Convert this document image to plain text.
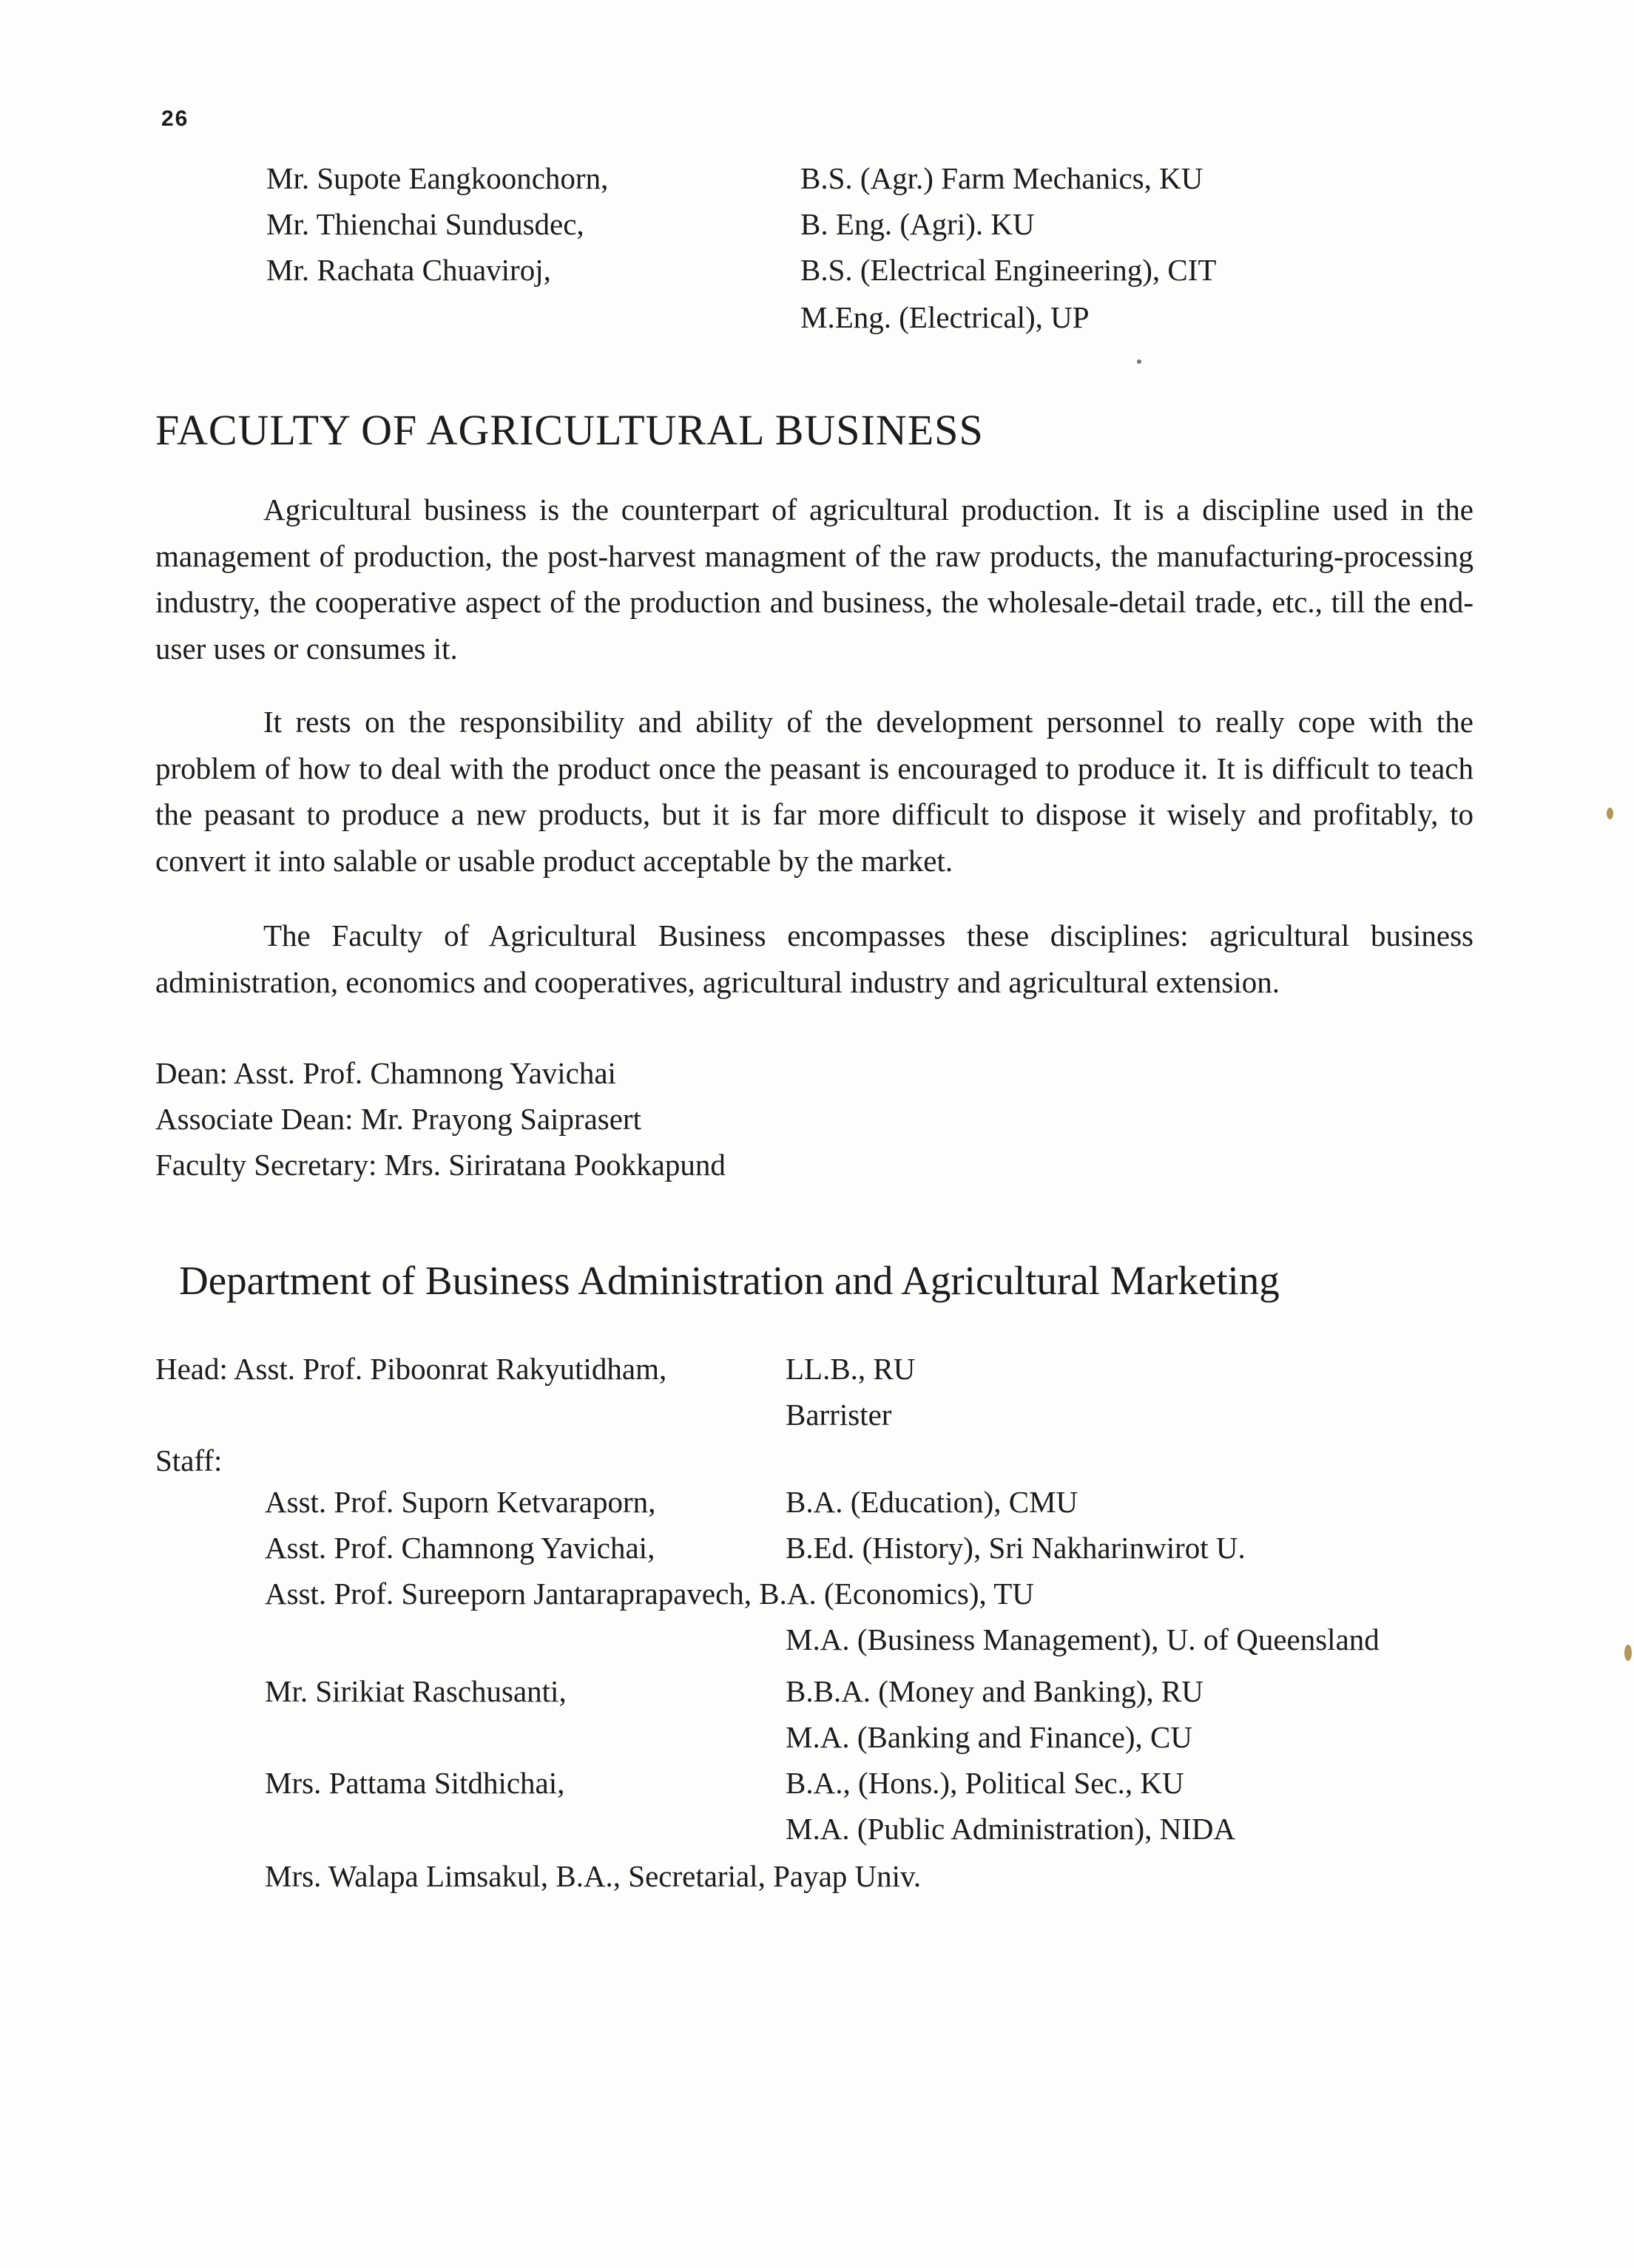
26
Mr. Supote Eangkoonchorn,	B.S. (Agr.) Farm Mechanics, KU
Mr. Thienchai Sundusdec,	B. Eng. (Agri). KU
Mr. Rachata Chuaviroj,	B.S. (Electrical Engineering), CIT
M.Eng. (Electrical), UP
FACULTY OF AGRICULTURAL BUSINESS

Agricultural business is the counterpart of agricultural production. It is a discipline used in the management of production, the post-harvest managment of the raw products, the manufacturing-processing industry, the cooperative aspect of the production and business, the wholesale-detail trade, etc., till the end-user uses or consumes it.

It rests on the responsibility and ability of the development personnel to really cope with the problem of how to deal with the product once the peasant is encouraged to produce it. It is difficult to teach the peasant to produce a new products, but it is far more difficult to dispose it wisely and profitably, to convert it into salable or usable product acceptable by the market.

The Faculty of Agricultural Business encompasses these disciplines: agricultural business administration, economics and cooperatives, agricultural industry and agricultural extension.

Dean: Asst. Prof. Chamnong Yavichai
Associate Dean: Mr. Prayong Saiprasert
Faculty Secretary: Mrs. Siriratana Pookkapund
Department of Business Administration and Agricultural Marketing
Head: Asst. Prof. Piboonrat Rakyutidham,	LL.B., RU
Barrister
Staff:
Asst. Prof. Suporn Ketvaraporn,	B.A. (Education), CMU
Asst. Prof. Chamnong Yavichai,	B.Ed. (History), Sri Nakharinwirot U.
Asst. Prof. Sureeporn Jantaraprapavech, B.A. (Economics), TU
M.A. (Business Management), U. of Queensland
Mr. Sirikiat Raschusanti,	B.B.A. (Money and Banking), RU
M.A. (Banking and Finance), CU
Mrs. Pattama Sitdhichai,	B.A., (Hons.), Political Sec., KU
M.A. (Public Administration), NIDA
Mrs. Walapa Limsakul, B.A., Secretarial, Payap Univ.
